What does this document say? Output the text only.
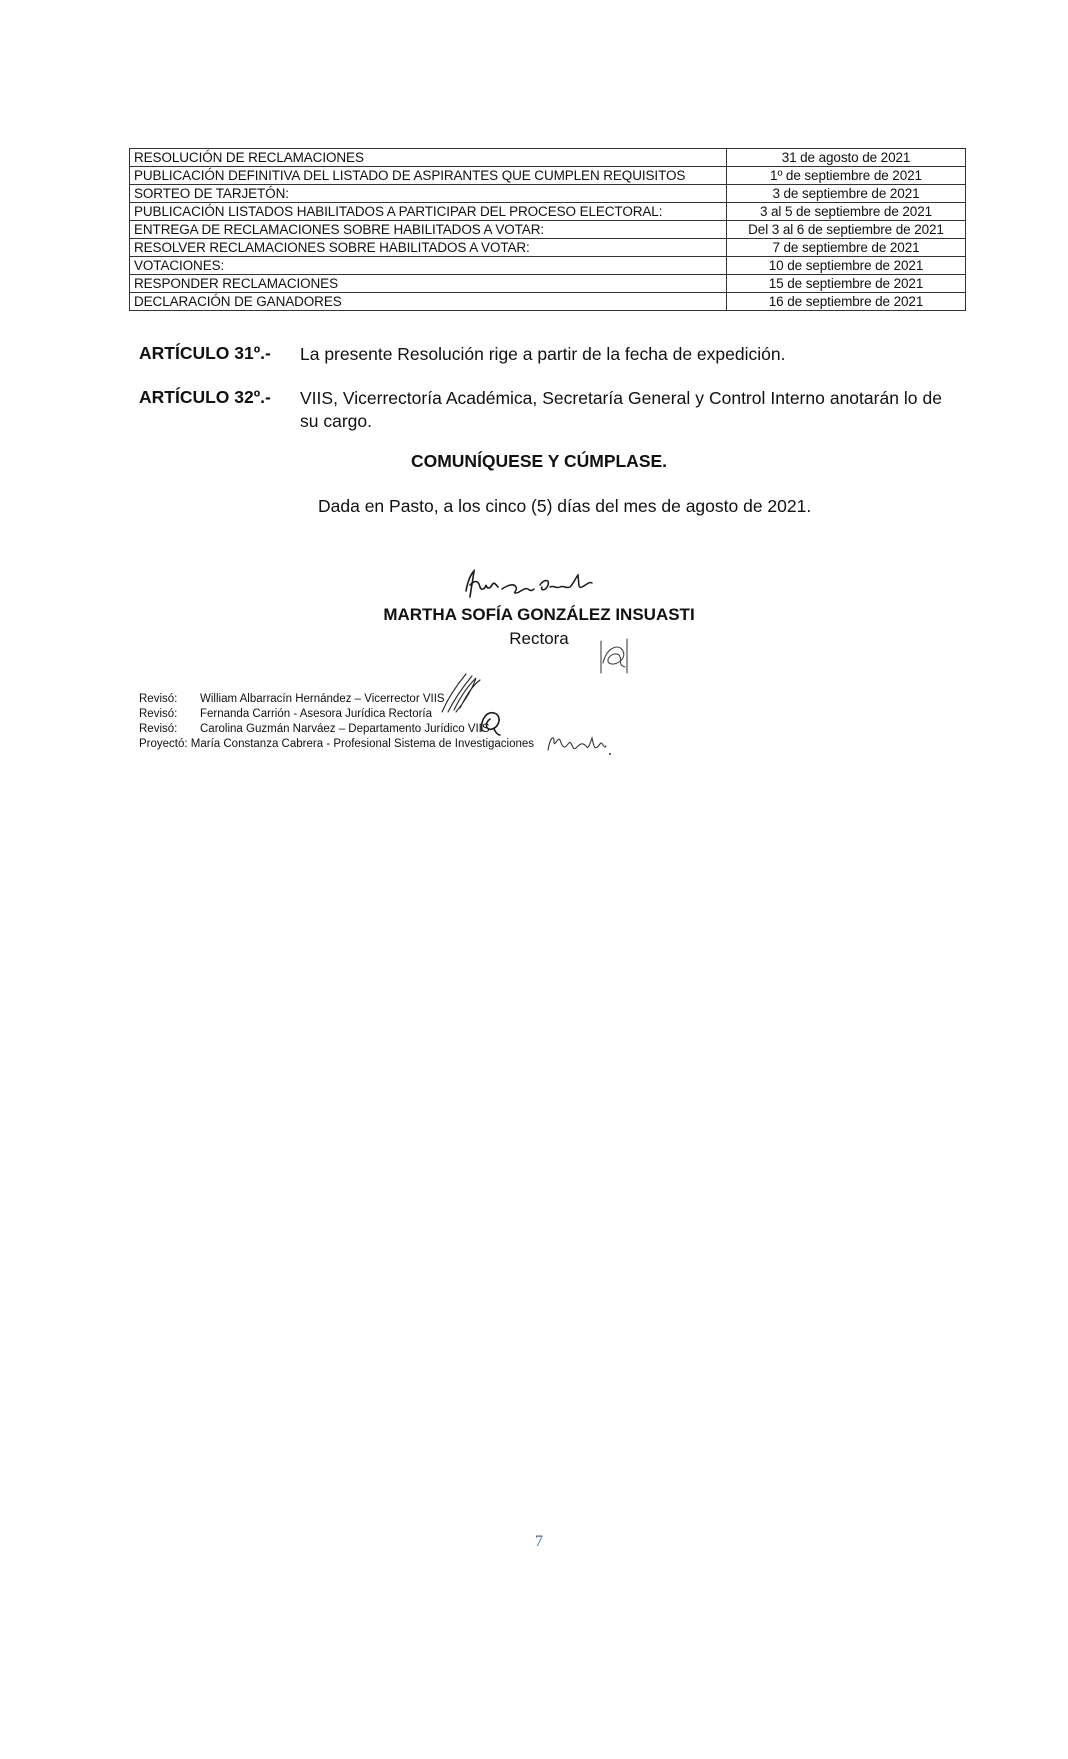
RESOLUCIÓN DE RECLAMACIONES	31 de agosto de 2021
PUBLICACIÓN DEFINITIVA DEL LISTADO DE ASPIRANTES QUE CUMPLEN REQUISITOS	1º de septiembre de 2021
SORTEO DE TARJETÓN:	3 de septiembre de 2021
PUBLICACIÓN LISTADOS HABILITADOS A PARTICIPAR DEL PROCESO ELECTORAL:	3 al 5 de septiembre de 2021
ENTREGA DE RECLAMACIONES SOBRE HABILITADOS A VOTAR:	Del 3 al 6 de septiembre de 2021
RESOLVER RECLAMACIONES SOBRE HABILITADOS A VOTAR:	7 de septiembre de 2021
VOTACIONES:	10 de septiembre de 2021
RESPONDER RECLAMACIONES	15 de septiembre de 2021
DECLARACIÓN DE GANADORES	16 de septiembre de 2021
ARTÍCULO 31º.- La presente Resolución rige a partir de la fecha de expedición.
ARTÍCULO 32º.- VIIS, Vicerrectoría Académica, Secretaría General y Control Interno anotarán lo de su cargo.
COMUNÍQUESE Y CÚMPLASE.
Dada en Pasto, a los cinco (5) días del mes de agosto de 2021.
MARTHA SOFÍA GONZÁLEZ INSUASTI
Rectora
Revisó: William Albarracín Hernández – Vicerrector VIIS
Revisó: Fernanda Carrión - Asesora Jurídica Rectoría
Revisó: Carolina Guzmán Narváez – Departamento Jurídico VIIS
Proyectó: María Constanza Cabrera - Profesional Sistema de Investigaciones
7
